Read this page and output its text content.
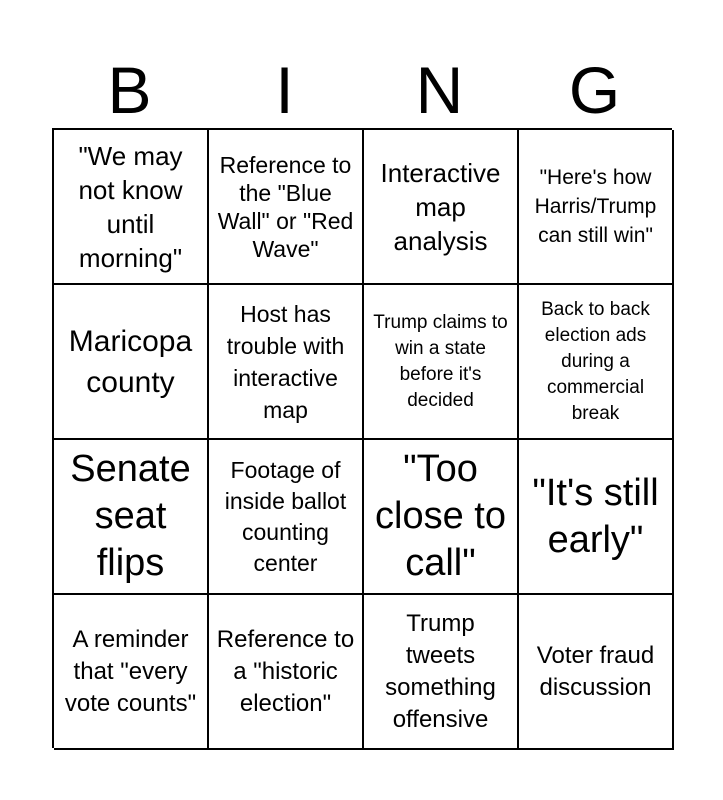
B	I	N	G
"We may not know until morning"
Reference to the "Blue Wall" or "Red Wave"
Interactive map analysis
"Here's how Harris/Trump can still win"
Maricopa county
Host has trouble with interactive map
Trump claims to win a state before it's decided
Back to back election ads during a commercial break
Senate seat flips
Footage of inside ballot counting center
"Too close to call"
"It's still early"
A reminder that "every vote counts"
Reference to a "historic election"
Trump tweets something offensive
Voter fraud discussion
